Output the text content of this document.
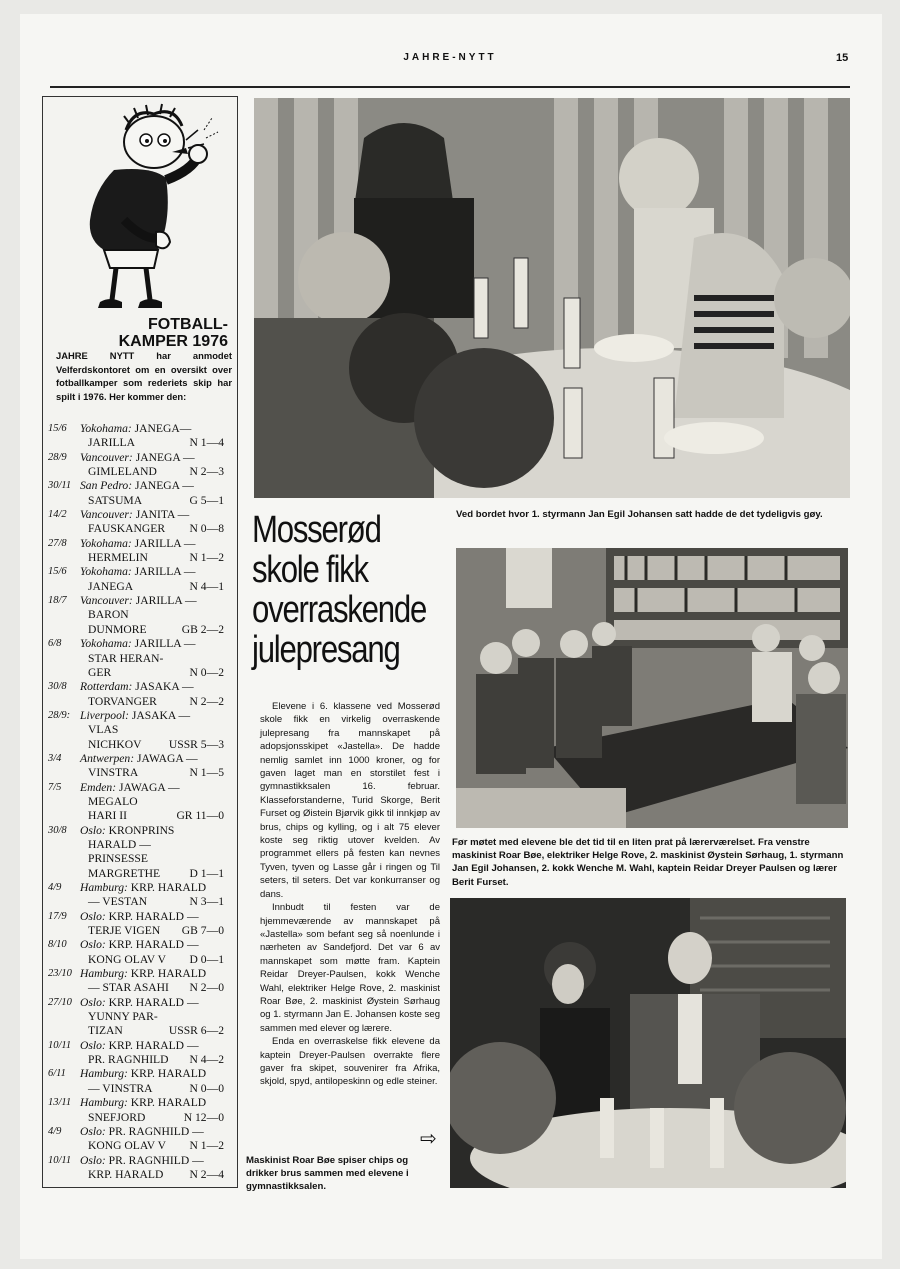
JAHRE-NYTT	15
FOTBALL-
KAMPER 1976
JAHRE NYTT har anmodet Velferdskontoret om en oversikt over fotballkamper som rederiets skip har spilt i 1976. Her kommer den:
15/6	Yokohama: JANEGA—
JARILLA	N 1—4
28/9	Vancouver: JANEGA —
GIMLELAND	N 2—3
30/11 San Pedro: JANEGA —
SATSUMA	G 5—1
14/2	Vancouver: JANITA —
FAUSKANGER N 0—8
27/8	Yokohama: JARILLA —
HERMELIN	N 1—2
15/6	Yokohama: JARILLA —
JANEGA	N 4—1
18/7	Vancouver: JARILLA —
BARON
DUNMORE	GB 2—2
6/8	Yokohama: JARILLA —
STAR HERAN-
GER	N 0—2
30/8	Rotterdam: JASAKA —
TORVANGER	N 2—2
28/9: Liverpool: JASAKA —
VLAS
NICHKOV USSR 5—3
3/4	Antwerpen: JAWAGA —
VINSTRA	N 1—5
7/5	Emden: JAWAGA —
MEGALO
HARI II	GR 11—0
30/8	Oslo: KRONPRINS
HARALD —
PRINSESSE
MARGRETHE	D 1—1
4/9	Hamburg: KRP. HARALD
— VESTAN	N 3—1
17/9	Oslo: KRP. HARALD —
TERJE VIGEN GB 7—0
8/10	Oslo: KRP. HARALD —
KONG OLAV V D 0—1
23/10 Hamburg: KRP. HARALD
— STAR ASAHI N 2—0
27/10 Oslo: KRP. HARALD —
YUNNY PAR-
TIZAN	USSR 6—2
10/11 Oslo: KRP. HARALD —
PR. RAGNHILD N 4—2
6/11	Hamburg: KRP. HARALD
— VINSTRA	N 0—0
13/11 Hamburg: KRP. HARALD
SNEFJORD	N 12—0
4/9	Oslo: PR. RAGNHILD —
KONG OLAV V N 1—2
10/11 Oslo: PR. RAGNHILD —
KRP. HARALD N 2—4
Ved bordet hvor 1. styrmann Jan Egil Johansen satt hadde de det tydeligvis gøy.
Mosserød
skole fikk
overraskende
julepresang

Elevene i 6. klassene ved Mosserød skole fikk en virkelig overraskende julepresang fra mannskapet på adopsjonsskipet «Jastella». De hadde nemlig samlet inn 1000 kroner, og for gaven laget man en storstilet fest i gymnastikksalen 16. februar. Klasseforstanderne, Turid Skorge, Berit Furset og Øistein Bjørvik gikk til innkjøp av brus, chips og kylling, og i alt 75 elever koste seg riktig utover kvelden. Av programmet ellers på festen kan nevnes Tyven, tyven og Lasse går i ringen og Til seters, til seters. Det var konkurranser og dans.

Innbudt til festen var de hjemmeværende av mannskapet på «Jastella» som befant seg så noenlunde i nærheten av Sandefjord. Det var 6 av mannskapet som møtte fram. Kaptein Reidar Dreyer-Paulsen, kokk Wenche Wahl, elektriker Helge Rove, 2. maskinist Roar Bøe, 2. maskinist Øystein Sørhaug og 1. styrmann Jan E. Johansen koste seg sammen med elever og lærere.

Enda en overraskelse fikk elevene da kaptein Dreyer-Paulsen overrakte flere gaver fra skipet, souvenirer fra Afrika, skjold, spyd, antilopeskinn og edle steiner.

⇨
Før møtet med elevene ble det tid til en liten prat på lærerværelset. Fra venstre maskinist Roar Bøe, elektriker Helge Rove, 2. maskinist Øystein Sørhaug, 1. styrmann Jan Egil Johansen, 2. kokk Wenche M. Wahl, kaptein Reidar Dreyer Paulsen og lærer Berit Furset.
Maskinist Roar Bøe spiser chips og drikker brus sammen med elevene i gymnastikksalen.
